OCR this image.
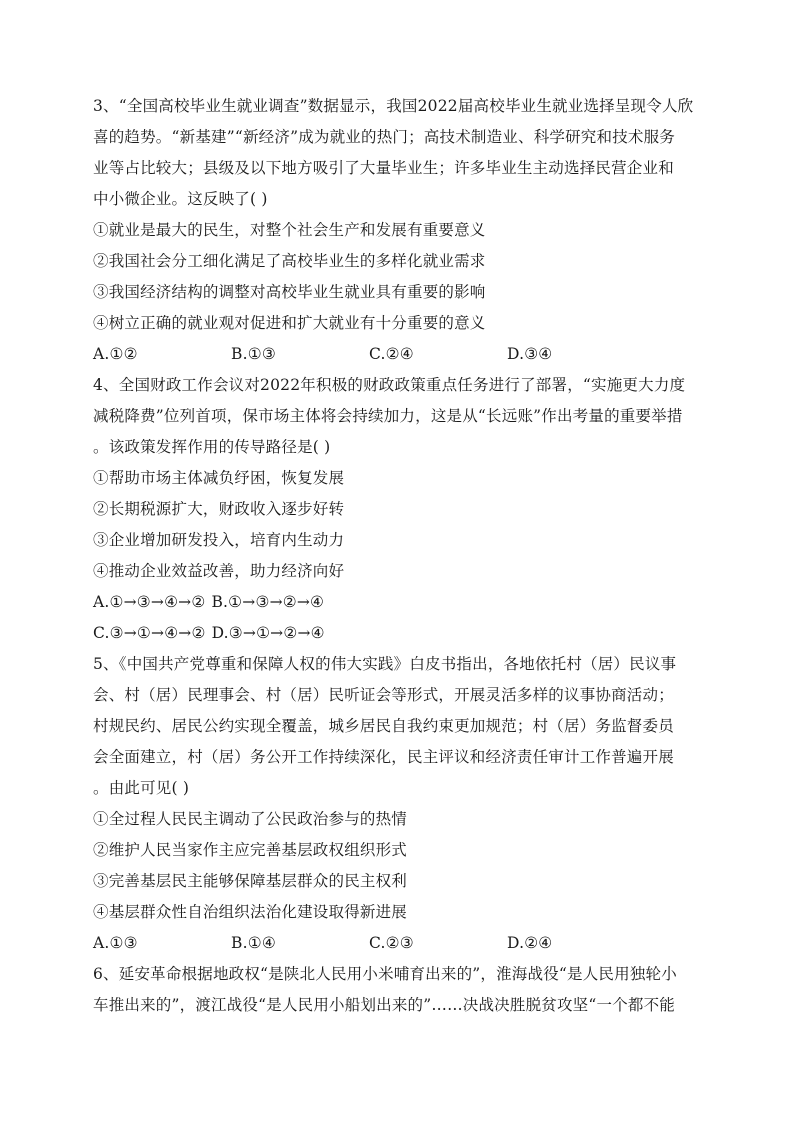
3、“全国高校毕业生就业调查”数据显示，我国2022届高校毕业生就业选择呈现令人欣
喜的趋势。“新基建”“新经济”成为就业的热门；高技术制造业、科学研究和技术服务
业等占比较大；县级及以下地方吸引了大量毕业生；许多毕业生主动选择民营企业和
中小微企业。这反映了( )
①就业是最大的民生，对整个社会生产和发展有重要意义
②我国社会分工细化满足了高校毕业生的多样化就业需求
③我国经济结构的调整对高校毕业生就业具有重要的影响
④树立正确的就业观对促进和扩大就业有十分重要的意义
A.①②	B.①③	C.②④	D.③④
4、全国财政工作会议对2022年积极的财政政策重点任务进行了部署，“实施更大力度
减税降费”位列首项，保市场主体将会持续加力，这是从“长远账”作出考量的重要举措
。该政策发挥作用的传导路径是( )
①帮助市场主体减负纾困，恢复发展
②长期税源扩大，财政收入逐步好转
③企业增加研发投入，培育内生动力
④推动企业效益改善，助力经济向好
A.①→③→④→② B.①→③→②→④
C.③→①→④→② D.③→①→②→④
5、《中国共产党尊重和保障人权的伟大实践》白皮书指出，各地依托村（居）民议事
会、村（居）民理事会、村（居）民听证会等形式，开展灵活多样的议事协商活动；
村规民约、居民公约实现全覆盖，城乡居民自我约束更加规范；村（居）务监督委员
会全面建立，村（居）务公开工作持续深化，民主评议和经济责任审计工作普遍开展
。由此可见( )
①全过程人民民主调动了公民政治参与的热情
②维护人民当家作主应完善基层政权组织形式
③完善基层民主能够保障基层群众的民主权利
④基层群众性自治组织法治化建设取得新进展
A.①③	B.①④	C.②③	D.②④
6、延安革命根据地政权“是陕北人民用小米哺育出来的”，淮海战役“是人民用独轮小
车推出来的”，渡江战役“是人民用小船划出来的”……决战决胜脱贫攻坚“一个都不能
